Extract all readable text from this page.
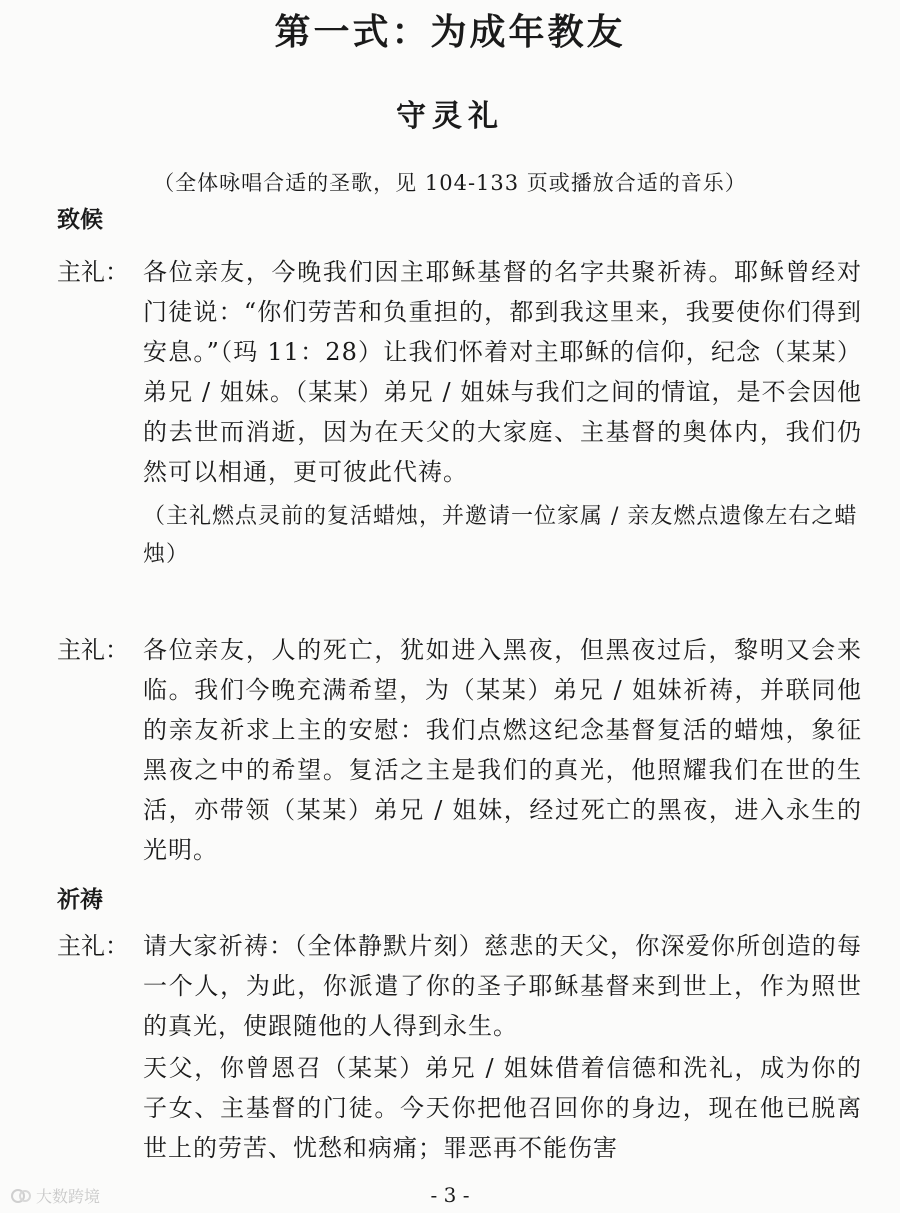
第一式：为成年教友
守灵礼
（全体咏唱合适的圣歌，见 104-133 页或播放合适的音乐）
致候
主礼： 各位亲友，今晚我们因主耶稣基督的名字共聚祈祷。耶稣曾经对门徒说：“你们劳苦和负重担的，都到我这里来，我要使你们得到安息。”（玛 11：28）让我们怀着对主耶稣的信仰，纪念（某某）弟兄 / 姐妹。（某某）弟兄 / 姐妹与我们之间的情谊，是不会因他的去世而消逝，因为在天父的大家庭、主基督的奥体内，我们仍然可以相通，更可彼此代祷。
（主礼燃点灵前的复活蜡烛，并邀请一位家属 / 亲友燃点遗像左右之蜡烛）
主礼： 各位亲友，人的死亡，犹如进入黑夜，但黑夜过后，黎明又会来临。我们今晚充满希望，为（某某）弟兄 / 姐妹祈祷，并联同他的亲友祈求上主的安慰：我们点燃这纪念基督复活的蜡烛，象征黑夜之中的希望。复活之主是我们的真光，他照耀我们在世的生活，亦带领（某某）弟兄 / 姐妹，经过死亡的黑夜，进入永生的光明。
祈祷
主礼： 请大家祈祷：（全体静默片刻）慈悲的天父，你深爱你所创造的每一个人，为此，你派遣了你的圣子耶稣基督来到世上，作为照世的真光，使跟随他的人得到永生。
天父，你曾恩召（某某）弟兄 / 姐妹借着信德和洗礼，成为你的子女、主基督的门徒。今天你把他召回你的身边，现在他已脱离世上的劳苦、忧愁和病痛；罪恶再不能伤害
- 3 -
大数跨境
